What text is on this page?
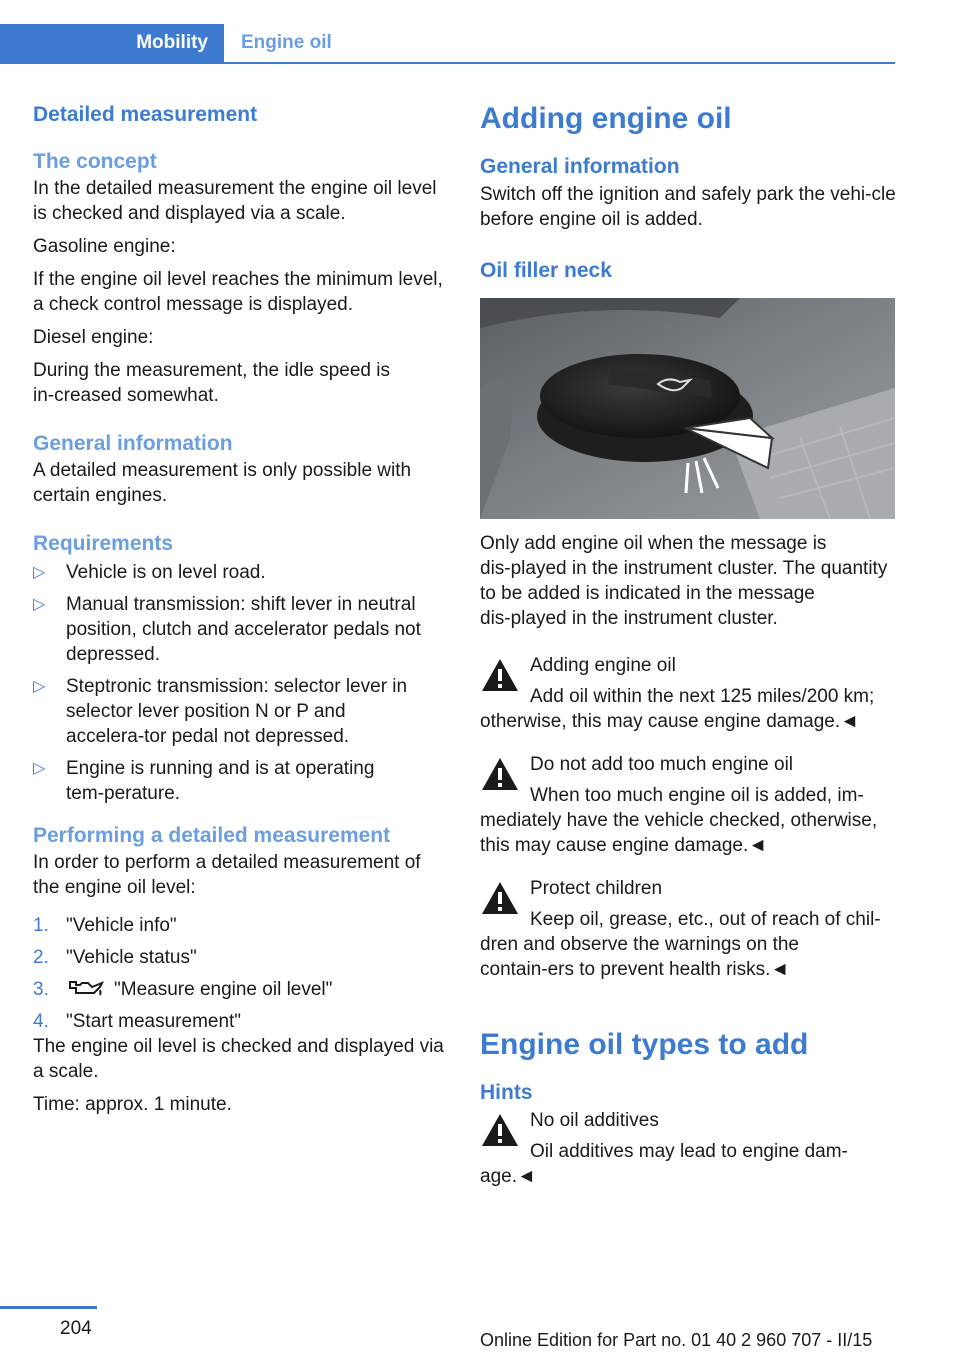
Mobility	Engine oil
Detailed measurement
The concept

In the detailed measurement the engine oil level is checked and displayed via a scale.

Gasoline engine:

If the engine oil level reaches the minimum level, a check control message is displayed.

Diesel engine:

During the measurement, the idle speed is in‑creased somewhat.

General information

A detailed measurement is only possible with certain engines.

Requirements
▷ Vehicle is on level road.
▷ Manual transmission: shift lever in neutral position, clutch and accelerator pedals not depressed.
▷ Steptronic transmission: selector lever in selector lever position N or P and accelera‑tor pedal not depressed.
▷ Engine is running and is at operating tem‑perature.
Performing a detailed measurement

In order to perform a detailed measurement of the engine oil level:

1. "Vehicle info"
2. "Vehicle status"
3.	"Measure engine oil level"
4. "Start measurement"

The engine oil level is checked and displayed via a scale.

Time: approx. 1 minute.

Adding engine oil
General information

Switch off the ignition and safely park the vehi‑cle before engine oil is added.

Oil filler neck

Only add engine oil when the message is dis‑played in the instrument cluster. The quantity to be added is indicated in the message dis‑played in the instrument cluster.

Adding engine oil
Add oil within the next 125 miles/200 km;
otherwise, this may cause engine damage.◄
Do not add too much engine oil
When too much engine oil is added, im‑
mediately have the vehicle checked, otherwise, this may cause engine damage.◄
Protect children
Keep oil, grease, etc., out of reach of chil‑
dren and observe the warnings on the contain‑ers to prevent health risks.◄
Engine oil types to add
Hints
No oil additives
Oil additives may lead to engine dam‑
age.◄
204
Online Edition for Part no. 01 40 2 960 707 - II/15
